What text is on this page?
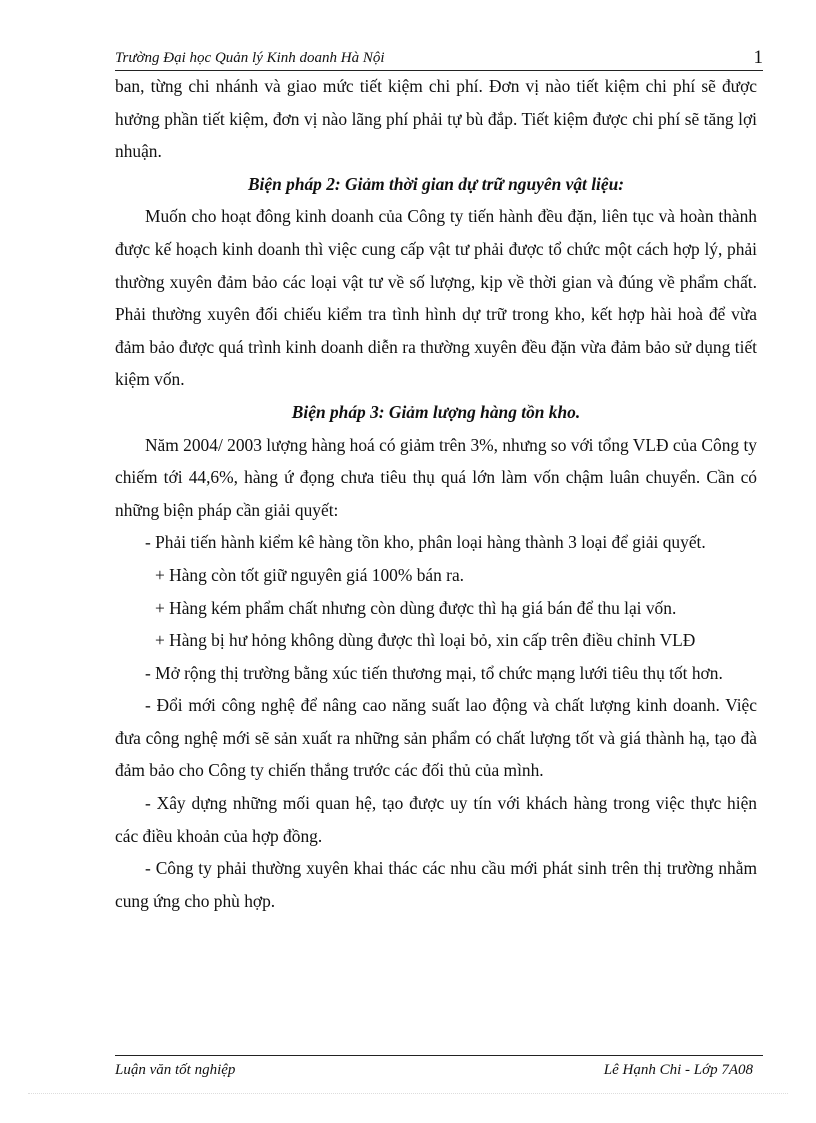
Trường Đại học Quản lý Kinh doanh Hà Nội	1

ban, từng chi nhánh và giao mức tiết kiệm chi phí. Đơn vị nào tiết kiệm chi phí sẽ được hưởng phần tiết kiệm, đơn vị nào lãng phí phải tự bù đắp. Tiết kiệm được chi phí sẽ tăng lợi nhuận.

Biện pháp 2: Giảm thời gian dự trữ nguyên vật liệu:

Muốn cho hoạt đông kinh doanh của Công ty tiến hành đều đặn, liên tục và hoàn thành được kế hoạch kinh doanh thì việc cung cấp vật tư phải được tổ chức một cách hợp lý, phải thường xuyên đảm bảo các loại vật tư về số lượng, kịp về thời gian và đúng về phẩm chất. Phải thường xuyên đối chiếu kiểm tra tình hình dự trữ trong kho, kết hợp hài hoà để vừa đảm bảo được quá trình kinh doanh diễn ra thường xuyên đều đặn vừa đảm bảo sử dụng tiết kiệm vốn.

Biện pháp 3: Giảm lượng hàng tồn kho.

Năm 2004/ 2003 lượng hàng hoá có giảm trên 3%, nhưng so với tổng VLĐ của Công ty chiếm tới 44,6%, hàng ứ đọng chưa tiêu thụ quá lớn làm vốn chậm luân chuyển. Cần có những biện pháp cần giải quyết:

- Phải tiến hành kiểm kê hàng tồn kho, phân loại hàng thành 3 loại để giải quyết.

+ Hàng còn tốt giữ nguyên giá 100% bán ra.

+ Hàng kém phẩm chất nhưng còn dùng được thì hạ giá bán để thu lại vốn.

+ Hàng bị hư hỏng không dùng được thì loại bỏ, xin cấp trên điều chỉnh VLĐ

- Mở rộng thị trường bằng xúc tiến thương mại, tổ chức mạng lưới tiêu thụ tốt hơn.

- Đổi mới công nghệ để nâng cao năng suất lao động và chất lượng kinh doanh. Việc đưa công nghệ mới sẽ sản xuất ra những sản phẩm có chất lượng tốt và giá thành hạ, tạo đà đảm bảo cho Công ty chiến thắng trước các đối thủ của mình.

- Xây dựng những mối quan hệ, tạo được uy tín với khách hàng trong việc thực hiện các điều khoản của hợp đồng.

- Công ty phải thường xuyên khai thác các nhu cầu mới phát sinh trên thị trường nhằm cung ứng cho phù hợp.

Luận văn tốt nghiệp	Lê Hạnh Chi - Lớp 7A08
